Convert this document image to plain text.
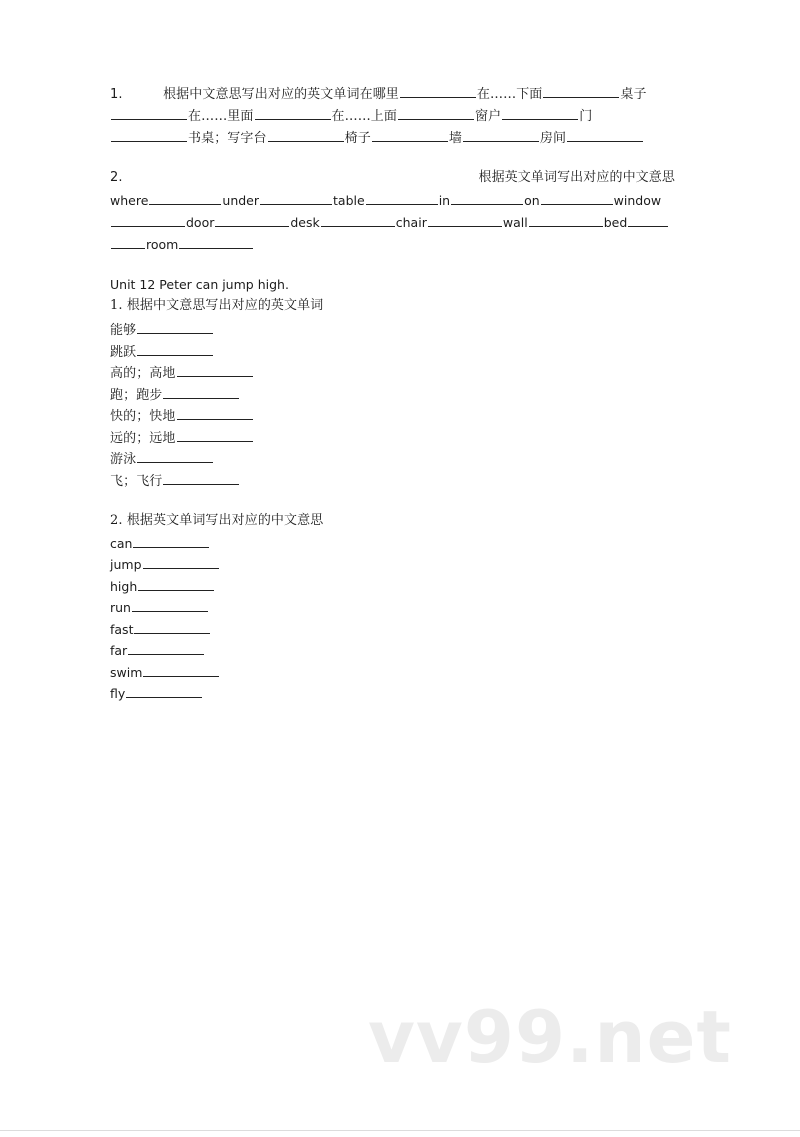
1.	根据中文意思写出对应的英文单词在哪里	在……下面	桌子
在……里面	在……上面	窗户	门
书桌；写字台	椅子	墙	房间
2.	根据英文单词写出对应的中文意思
where	under	table	in	on	window
door	desk	chair	wall	bed
room
Unit 12 Peter can jump high.
1. 根据中文意思写出对应的英文单词
能够
跳跃
高的；高地
跑；跑步
快的；快地
远的；远地
游泳
飞；飞行
2. 根据英文单词写出对应的中文意思
can
jump
high
run
fast
far
swim
fly
vv99.net
